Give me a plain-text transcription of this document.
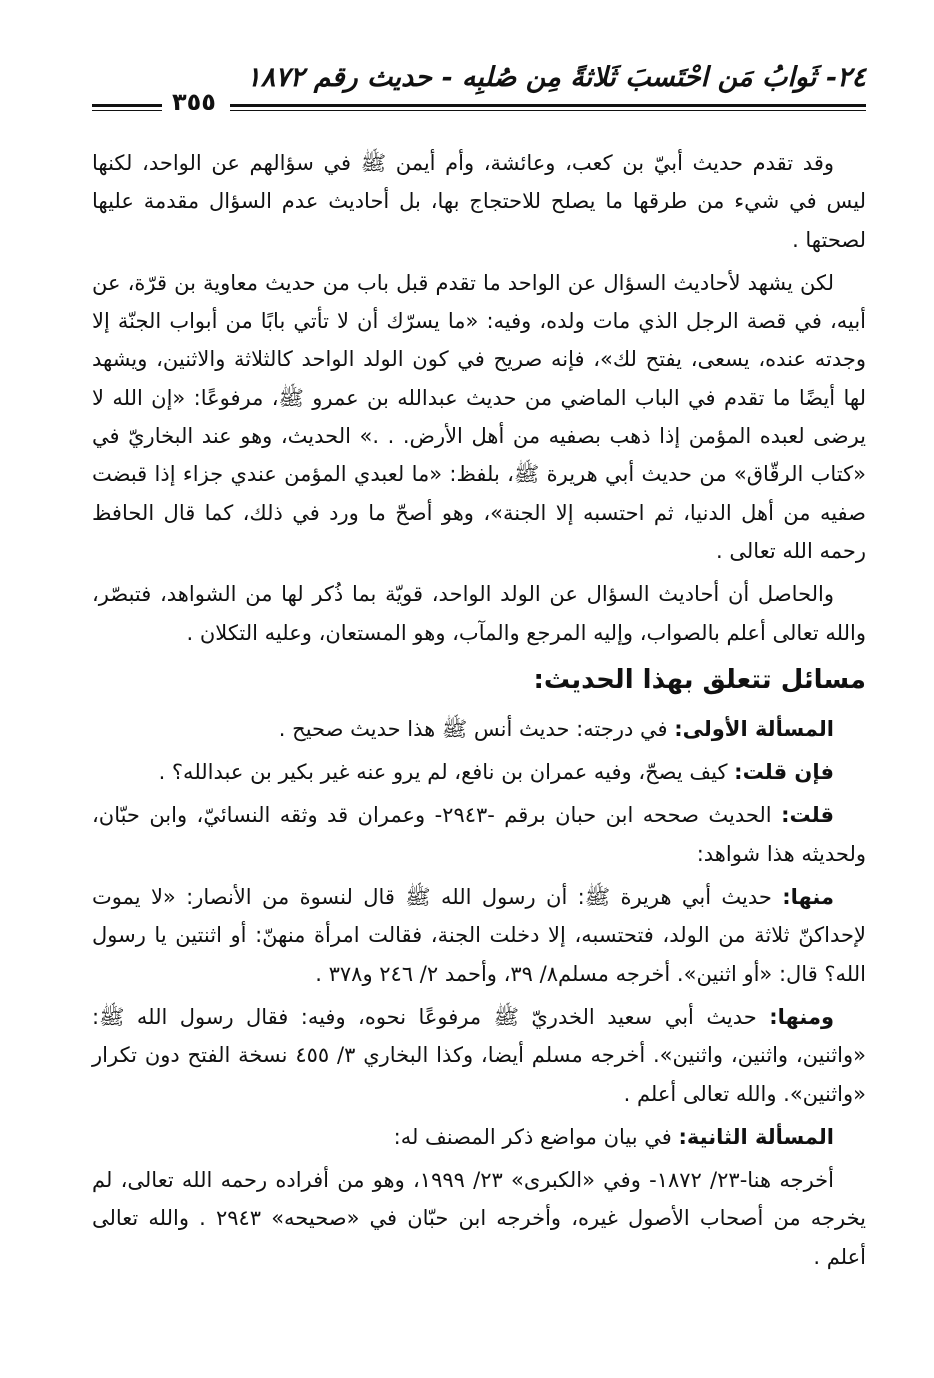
٢٤- ثَوابُ مَن احْتَسبَ ثَلاثةً مِن صُلبِه - حديث رقم ١٨٧٢
٣٥٥

وقد تقدم حديث أبيّ بن كعب، وعائشة، وأم أيمن ﷺ في سؤالهم عن الواحد، لكنها ليس في شيء من طرقها ما يصلح للاحتجاج بها، بل أحاديث عدم السؤال مقدمة عليها لصحتها .

لكن يشهد لأحاديث السؤال عن الواحد ما تقدم قبل باب من حديث معاوية بن قرّة، عن أبيه، في قصة الرجل الذي مات ولده، وفيه: «ما يسرّك أن لا تأتي بابًا من أبواب الجنّة إلا وجدته عنده، يسعى، يفتح لك»، فإنه صريح في كون الولد الواحد كالثلاثة والاثنين، ويشهد لها أيضًا ما تقدم في الباب الماضي من حديث عبدالله بن عمرو ﷺ، مرفوعًا: «إن الله لا يرضى لعبده المؤمن إذا ذهب بصفيه من أهل الأرض. . .» الحديث، وهو عند البخاريّ في «كتاب الرقّاق» من حديث أبي هريرة ﷺ، بلفظ: «ما لعبدي المؤمن عندي جزاء إذا قبضت صفيه من أهل الدنيا، ثم احتسبه إلا الجنة»، وهو أصحّ ما ورد في ذلك، كما قال الحافظ رحمه الله تعالى .

والحاصل أن أحاديث السؤال عن الولد الواحد، قويّة بما ذُكر لها من الشواهد، فتبصّر، والله تعالى أعلم بالصواب، وإليه المرجع والمآب، وهو المستعان، وعليه التكلان .

مسائل تتعلق بهذا الحديث:

المسألة الأولى: في درجته: حديث أنس ﷺ هذا حديث صحيح .

فإن قلت: كيف يصحّ، وفيه عمران بن نافع، لم يرو عنه غير بكير بن عبدالله؟ .

قلت: الحديث صححه ابن حبان برقم -٢٩٤٣- وعمران قد وثقه النسائيّ، وابن حبّان، ولحديثه هذا شواهد:

منها: حديث أبي هريرة ﷺ: أن رسول الله ﷺ قال لنسوة من الأنصار: «لا يموت لإحداكنّ ثلاثة من الولد، فتحتسبه، إلا دخلت الجنة، فقالت امرأة منهنّ: أو اثنتين يا رسول الله؟ قال: «أو اثنين». أخرجه مسلم٨/ ٣٩، وأحمد ٢/ ٢٤٦ و٣٧٨ .

ومنها: حديث أبي سعيد الخدريّ ﷺ مرفوعًا نحوه، وفيه: فقال رسول الله ﷺ: «واثنين، واثنين، واثنين». أخرجه مسلم أيضا، وكذا البخاري ٣/ ٤٥٥ نسخة الفتح دون تكرار «واثنين». والله تعالى أعلم .

المسألة الثانية: في بيان مواضع ذكر المصنف له:

أخرجه هنا-٢٣/ ١٨٧٢- وفي «الكبرى» ٢٣/ ١٩٩٩، وهو من أفراده رحمه الله تعالى، لم يخرجه من أصحاب الأصول غيره، وأخرجه ابن حبّان في «صحيحه» ٢٩٤٣ . والله تعالى أعلم .
